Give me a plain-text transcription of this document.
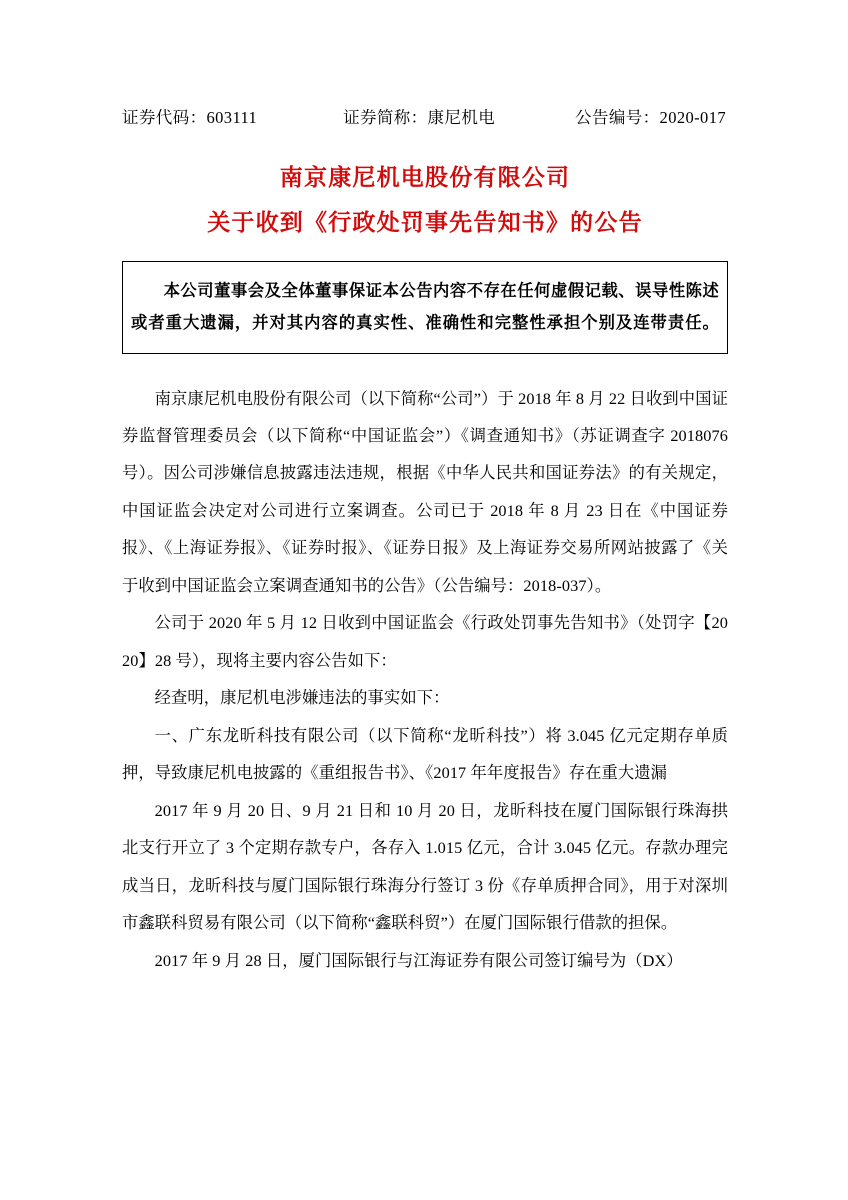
证券代码：603111	证券简称：康尼机电	公告编号：2020-017
南京康尼机电股份有限公司
关于收到《行政处罚事先告知书》的公告

本公司董事会及全体董事保证本公告内容不存在任何虚假记载、误导性陈述或者重大遗漏，并对其内容的真实性、准确性和完整性承担个别及连带责任。

南京康尼机电股份有限公司（以下简称“公司”）于 2018 年 8 月 22 日收到中国证券监督管理委员会（以下简称“中国证监会”）《调查通知书》（苏证调查字 2018076 号）。因公司涉嫌信息披露违法违规，根据《中华人民共和国证券法》的有关规定，中国证监会决定对公司进行立案调查。公司已于 2018 年 8 月 23 日在《中国证券报》、《上海证券报》、《证券时报》、《证券日报》及上海证券交易所网站披露了《关于收到中国证监会立案调查通知书的公告》（公告编号：2018-037）。

公司于 2020 年 5 月 12 日收到中国证监会《行政处罚事先告知书》（处罚字【2020】28 号），现将主要内容公告如下：

经查明，康尼机电涉嫌违法的事实如下：

一、广东龙昕科技有限公司（以下简称“龙昕科技”）将 3.045 亿元定期存单质押，导致康尼机电披露的《重组报告书》、《2017 年年度报告》存在重大遗漏

2017 年 9 月 20 日、9 月 21 日和 10 月 20 日，龙昕科技在厦门国际银行珠海拱北支行开立了 3 个定期存款专户，各存入 1.015 亿元，合计 3.045 亿元。存款办理完成当日，龙昕科技与厦门国际银行珠海分行签订 3 份《存单质押合同》，用于对深圳市鑫联科贸易有限公司（以下简称“鑫联科贸”）在厦门国际银行借款的担保。

2017 年 9 月 28 日，厦门国际银行与江海证券有限公司签订编号为（DX）
